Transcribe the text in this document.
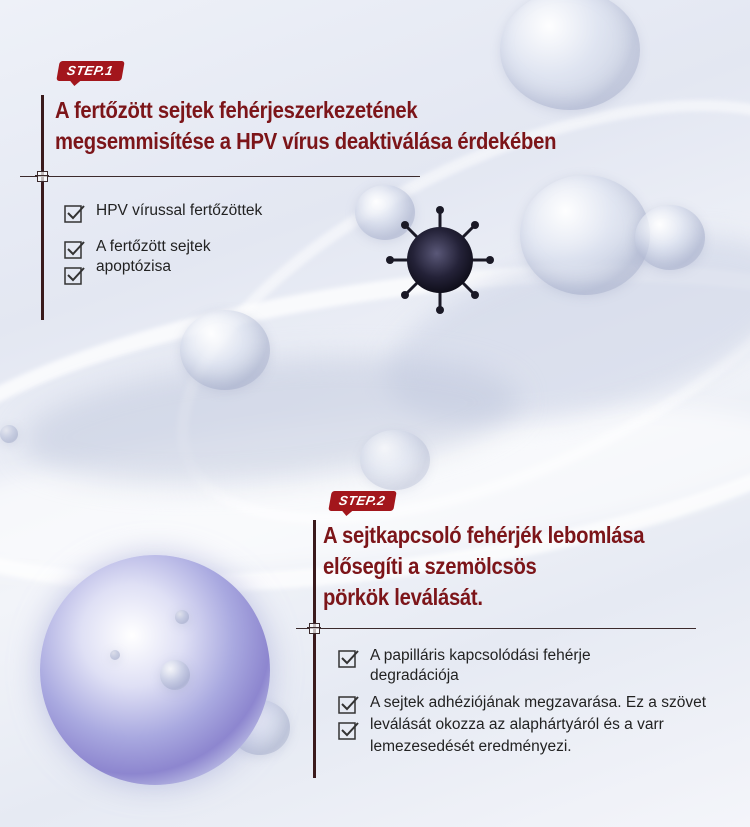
STEP.1
A fertőzött sejtek fehérjeszerkezetének
megsemmisítése a HPV vírus deaktiválása érdekében
HPV vírussal fertőzöttek
A fertőzött sejtek apoptózisa
STEP.2
A sejtkapcsoló fehérjék lebomlása
elősegíti a szemölcsös
pörkök leválását.
A papilláris kapcsolódási fehérje degradációja
A sejtek adhéziójának megzavarása. Ez a szövet leválását okozza az alaphártyáról és a varr lemezesedését eredményezi.
